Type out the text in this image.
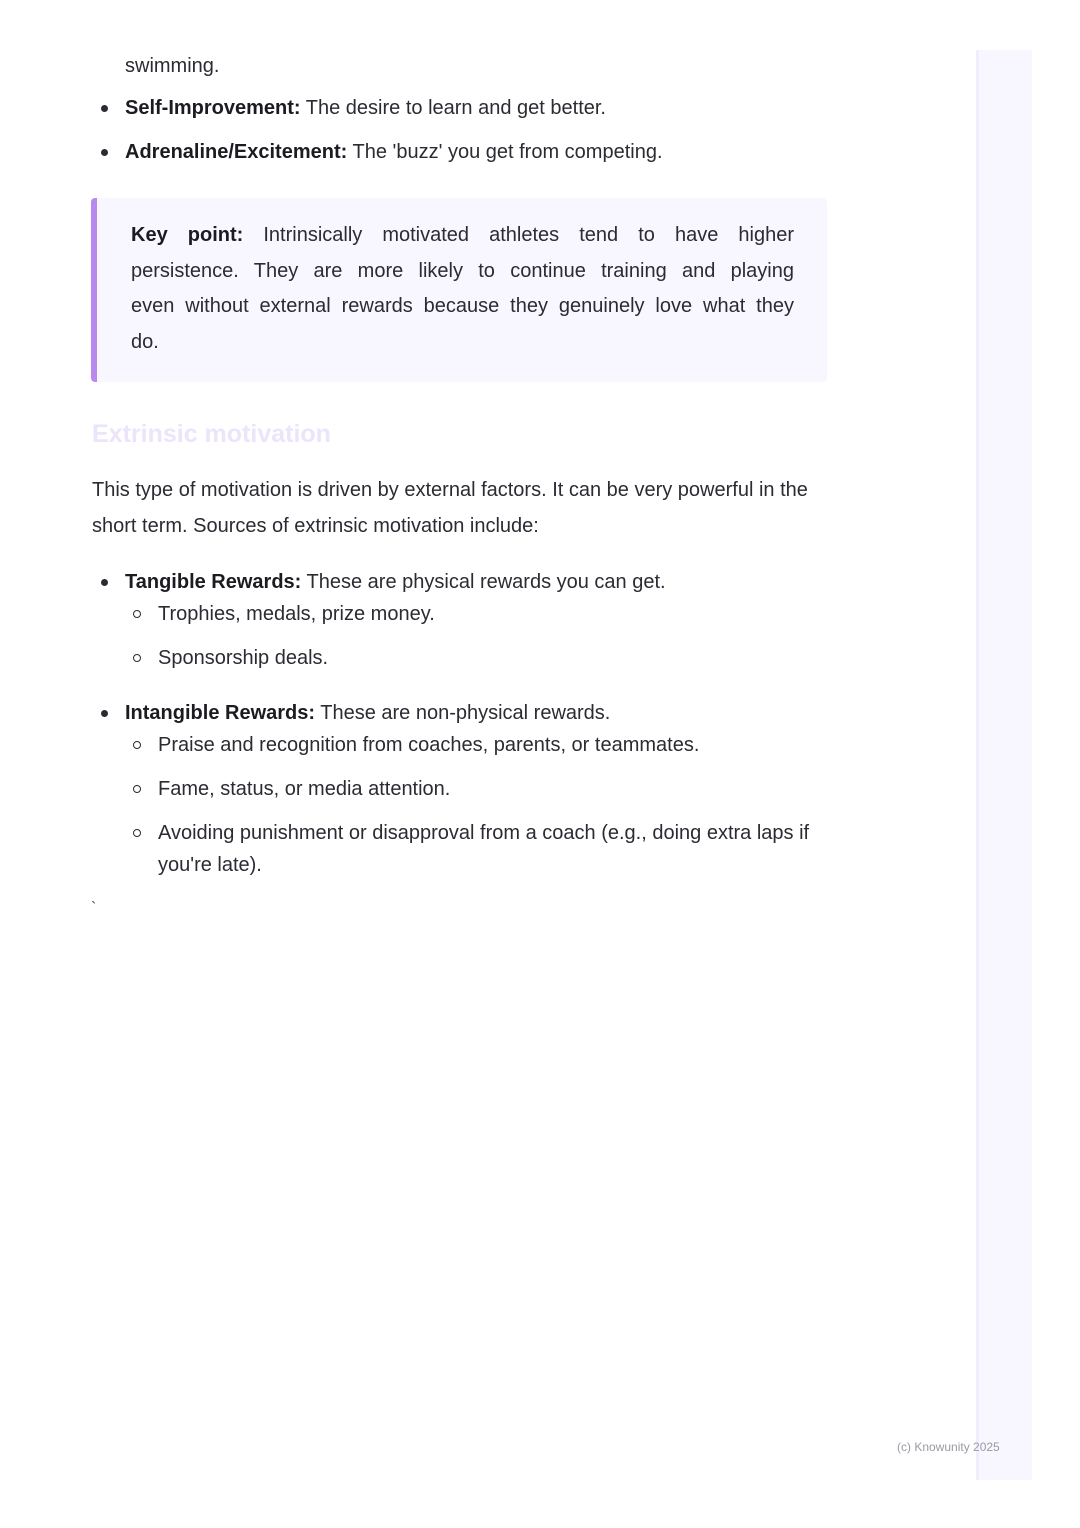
swimming.

Self-Improvement: The desire to learn and get better.
Adrenaline/Excitement: The 'buzz' you get from competing.

Key point: Intrinsically motivated athletes tend to have higher persistence. They are more likely to continue training and playing even without external rewards because they genuinely love what they do.

Extrinsic motivation

This type of motivation is driven by external factors. It can be very powerful in the short term. Sources of extrinsic motivation include:

Tangible Rewards: These are physical rewards you can get.
Trophies, medals, prize money.
Sponsorship deals.
Intangible Rewards: These are non-physical rewards.
Praise and recognition from coaches, parents, or teammates.
Fame, status, or media attention.
Avoiding punishment or disapproval from a coach (e.g., doing extra laps if you're late).
`
(c) Knowunity 2025
